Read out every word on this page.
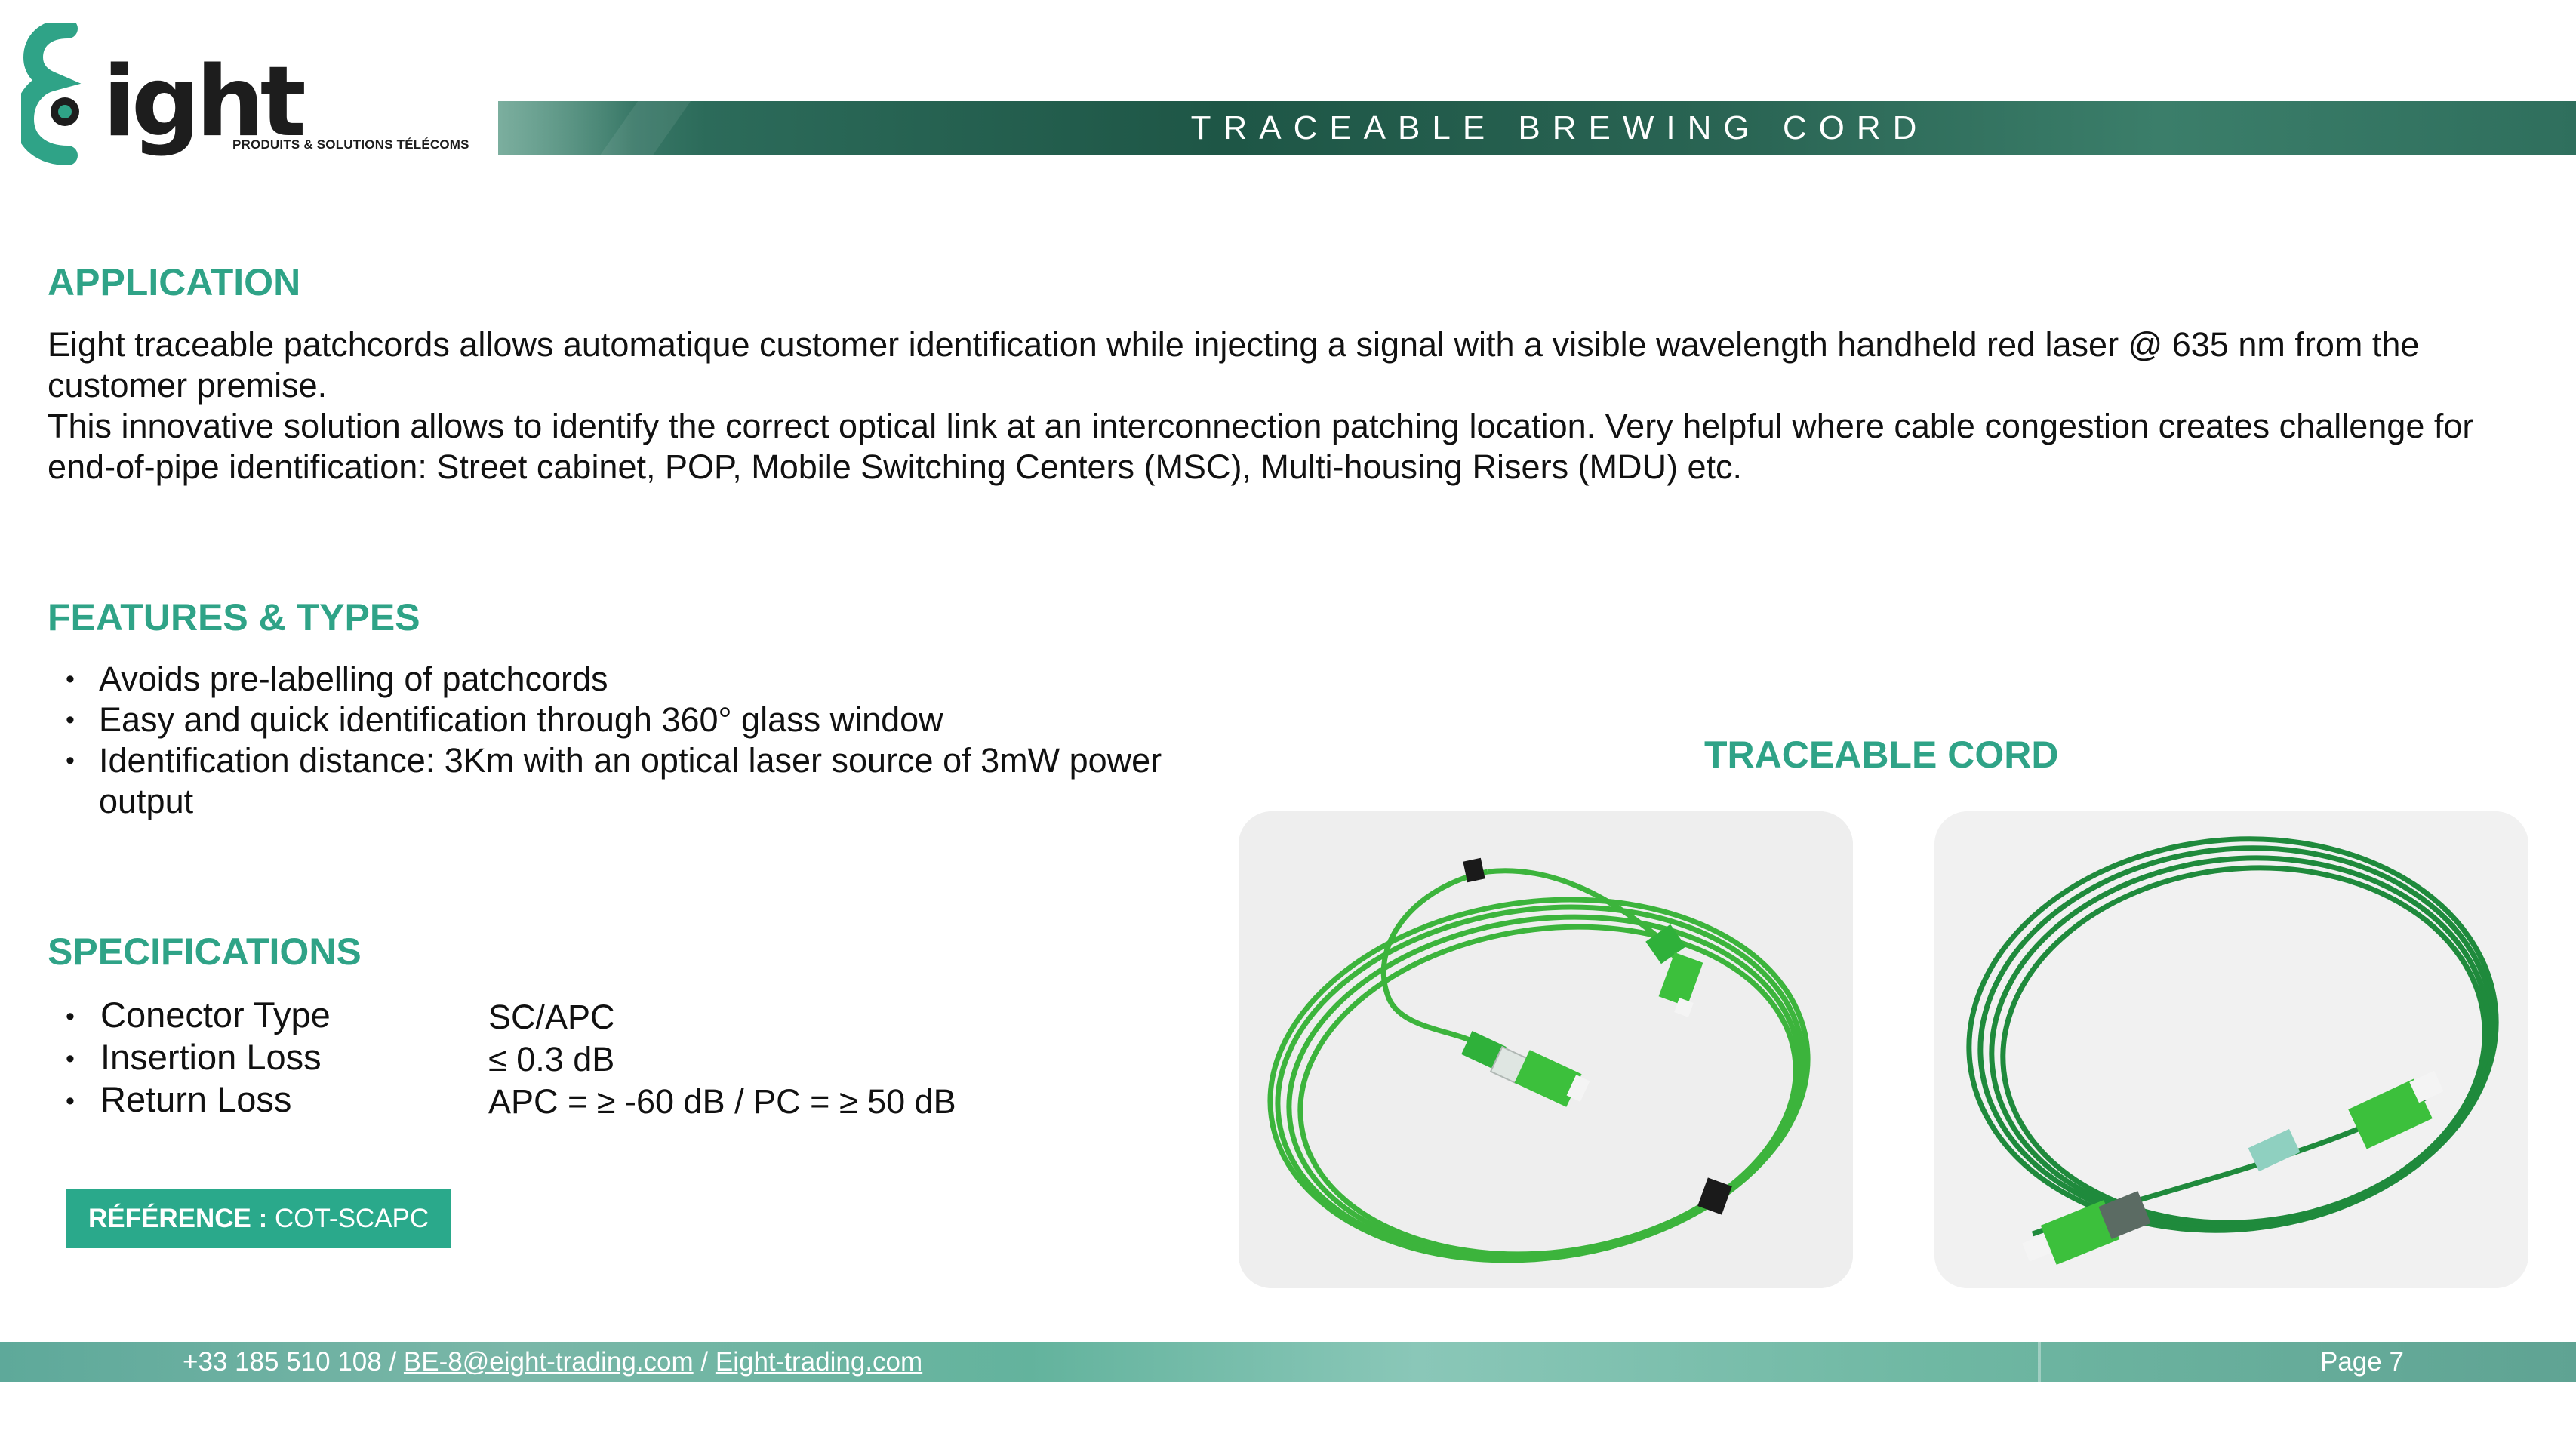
ight
PRODUITS & SOLUTIONS TÉLÉCOMS	TRACEABLE BREWING CORD
APPLICATION
Eight traceable patchcords allows automatique customer identification while injecting a signal with a visible wavelength handheld red laser @ 635 nm from the customer premise.
This innovative solution allows to identify the correct optical link at an interconnection patching location. Very helpful where cable congestion creates challenge for end-of-pipe identification: Street cabinet, POP, Mobile Switching Centers (MSC), Multi-housing Risers (MDU) etc.
FEATURES & TYPES
• Avoids pre-labelling of patchcords
• Easy and quick identification through 360° glass window
• Identification distance: 3Km with an optical laser source of 3mW power output
SPECIFICATIONS
• Conector Type	SC/APC
• Insertion Loss	≤ 0.3 dB
• Return Loss	APC = ≥ -60 dB / PC = ≥ 50 dB
RÉFÉRENCE : COT-SCAPC
TRACEABLE CORD
+33 185 510 108 / BE-8@eight-trading.com / Eight-trading.com	Page 7
